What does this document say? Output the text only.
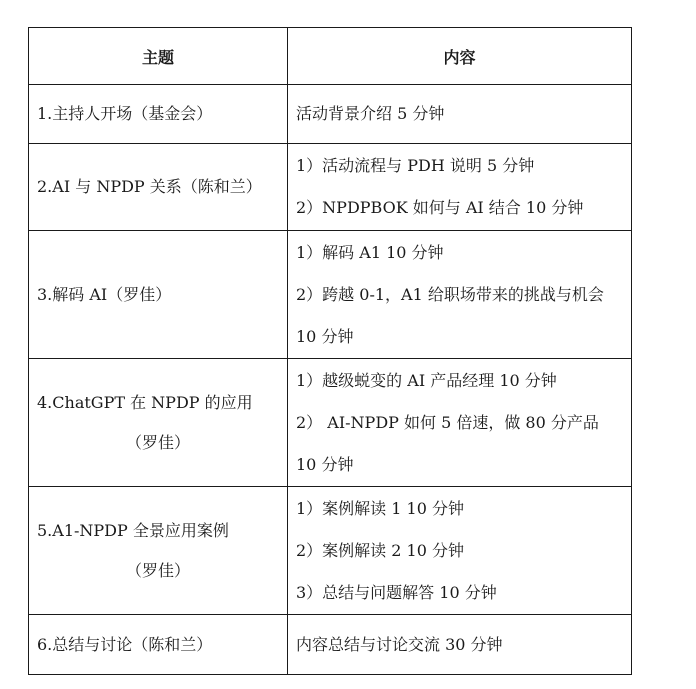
主题	内容

1.主持人开场（基金会）	活动背景介绍 5 分钟

2.AI 与 NPDP 关系（陈和兰）	1）活动流程与 PDH 说明 5 分钟
2）NPDPBOK 如何与 AI 结合 10 分钟

3.解码 AI（罗佳）	1）解码 A1 10 分钟
2）跨越 0-1，A1 给职场带来的挑战与机会 10 分钟

4.ChatGPT 在 NPDP 的应用
（罗佳）	1）越级蜕变的 AI 产品经理 10 分钟
2） AI-NPDP 如何 5 倍速，做 80 分产品 10 分钟

5.A1-NPDP 全景应用案例
（罗佳）	1）案例解读 1 10 分钟
2）案例解读 2 10 分钟
3）总结与问题解答 10 分钟

6.总结与讨论（陈和兰）	内容总结与讨论交流 30 分钟
